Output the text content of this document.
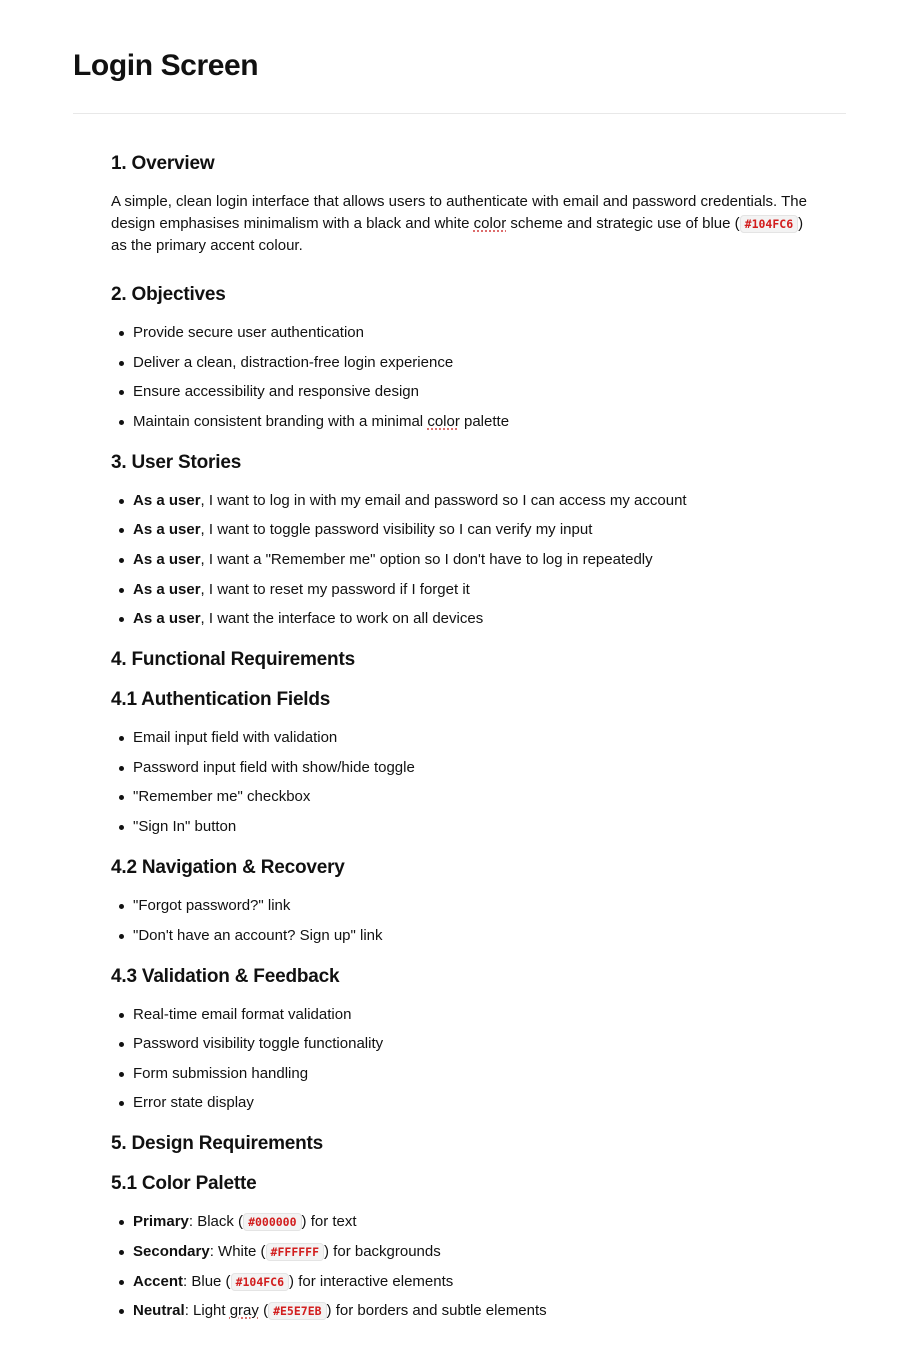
Login Screen
1. Overview

A simple, clean login interface that allows users to authenticate with email and password credentials. The design emphasises minimalism with a black and white color scheme and strategic use of blue ( #104FC6 ) as the primary accent colour.

2. Objectives
Provide secure user authentication
Deliver a clean, distraction-free login experience
Ensure accessibility and responsive design
Maintain consistent branding with a minimal color palette
3. User Stories
As a user, I want to log in with my email and password so I can access my account
As a user, I want to toggle password visibility so I can verify my input
As a user, I want a "Remember me" option so I don't have to log in repeatedly
As a user, I want to reset my password if I forget it
As a user, I want the interface to work on all devices
4. Functional Requirements
4.1 Authentication Fields
Email input field with validation
Password input field with show/hide toggle
"Remember me" checkbox
"Sign In" button
4.2 Navigation & Recovery
"Forgot password?" link
"Don't have an account? Sign up" link
4.3 Validation & Feedback
Real-time email format validation
Password visibility toggle functionality
Form submission handling
Error state display
5. Design Requirements
5.1 Color Palette
Primary: Black ( #000000 ) for text
Secondary: White ( #FFFFFF ) for backgrounds
Accent: Blue ( #104FC6 ) for interactive elements
Neutral: Light gray ( #E5E7EB ) for borders and subtle elements
